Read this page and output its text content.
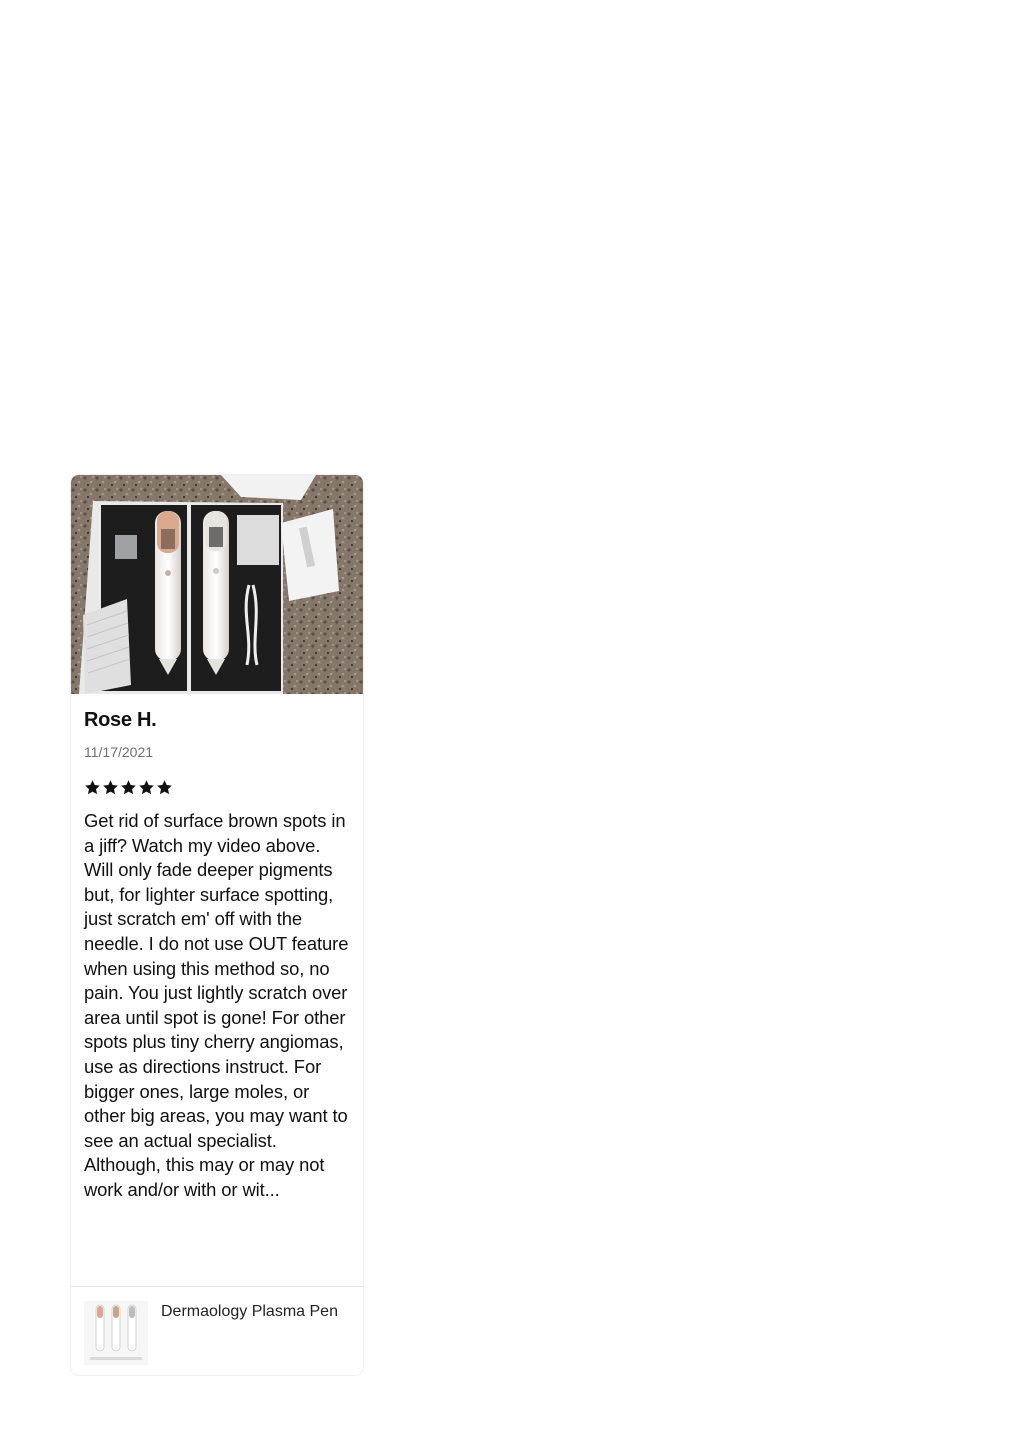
Rose H.
11/17/2021
Get rid of surface brown spots in a jiff? Watch my video above. Will only fade deeper pigments but, for lighter surface spotting, just scratch em' off with the needle. I do not use OUT feature when using this method so, no pain. You just lightly scratch over area until spot is gone! For other spots plus tiny cherry angiomas, use as directions instruct. For bigger ones, large moles, or other big areas, you may want to see an actual specialist. Although, this may or may not work and/or with or wit...
Dermaology Plasma Pen
